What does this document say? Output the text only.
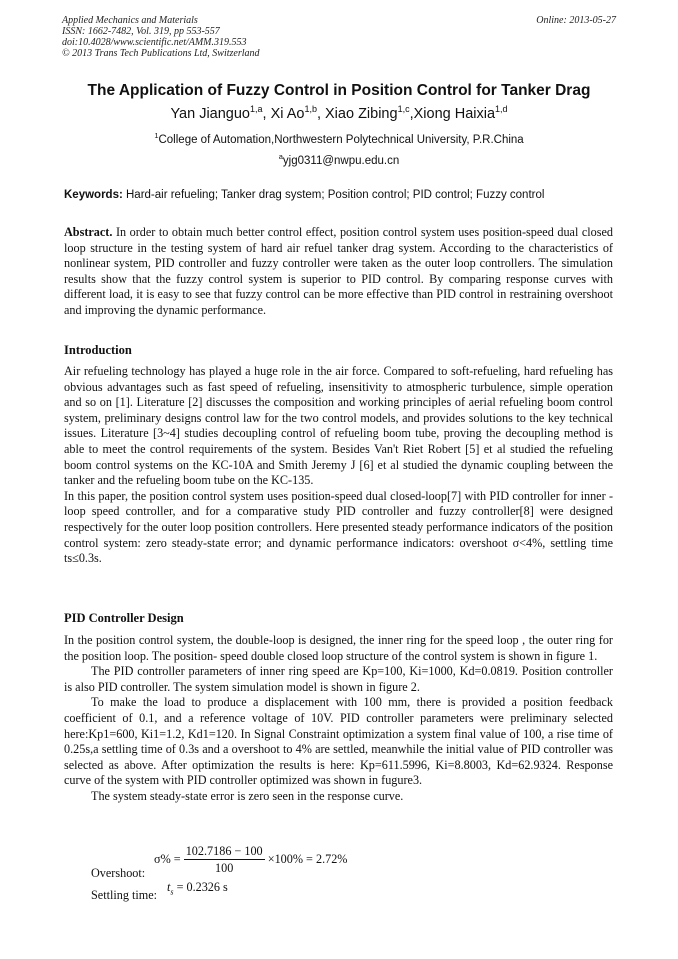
Applied Mechanics and Materials
ISSN: 1662-7482, Vol. 319, pp 553-557
doi:10.4028/www.scientific.net/AMM.319.553
© 2013 Trans Tech Publications Ltd, Switzerland
Online: 2013-05-27
The Application of Fuzzy Control in Position Control for Tanker Drag
Yan Jianguo$^{1,a}$, Xi Ao$^{1,b}$, Xiao Zibing$^{1,c}$,Xiong Haixia$^{1,d}$
$^1$College of Automation,Northwestern Polytechnical University, P.R.China
$^a$yjg0311@nwpu.edu.cn
Keywords: Hard-air refueling; Tanker drag system; Position control; PID control; Fuzzy control

Abstract. In order to obtain much better control effect, position control system uses position-speed dual closed loop structure in the testing system of hard air refuel tanker drag system. According to the characteristics of nonlinear system, PID controller and fuzzy controller were taken as the outer loop controllers. The simulation results show that the fuzzy control system is superior to PID control. By comparing response curves with different load, it is easy to see that fuzzy control can be more effective than PID control in restraining overshoot and improving the dynamic performance.

Introduction

Air refueling technology has played a huge role in the air force. Compared to soft-refueling, hard refueling has obvious advantages such as fast speed of refueling, insensitivity to atmospheric turbulence, simple operation and so on [1]. Literature [2] discusses the composition and working principles of aerial refueling boom control system, preliminary designs control law for the two control models, and provides solutions to the key technical issues. Literature [3~4] studies decoupling control of refueling boom tube, proving the decoupling method is able to meet the control requirements of the system. Besides Van't Riet Robert [5] et al studied the refueling boom control systems on the KC-10A and Smith Jeremy J [6] et al studied the dynamic coupling between the tanker and the refueling boom tube on the KC-135.

In this paper, the position control system uses position-speed dual closed-loop[7] with PID controller for inner - loop speed controller, and for a comparative study PID controller and fuzzy controller[8] were designed respectively for the outer loop position controllers. Here presented steady performance indicators of the position control system: zero steady-state error; and dynamic performance indicators: overshoot σ<4%, settling time ts≤0.3s.

PID Controller Design

In the position control system, the double-loop is designed, the inner ring for the speed loop , the outer ring for the position loop. The position- speed double closed loop structure of the control system is shown in figure 1.

The PID controller parameters of inner ring speed are Kp=100, Ki=1000, Kd=0.0819. Position controller is also PID controller. The system simulation model is shown in figure 2.

To make the load to produce a displacement with 100 mm, there is provided a position feedback coefficient of 0.1, and a reference voltage of 10V. PID controller parameters were preliminary selected here:Kp1=600, Ki1=1.2, Kd1=120. In Signal Constraint optimization a system final value of 100, a rise time of 0.25s,a settling time of 0.3s and a overshoot to 4% are settled, meanwhile the initial value of PID controller was selected as above. After optimization the results is here: Kp=611.5996, Ki=8.8003, Kd=62.9324. Response curve of the system with PID controller optimized was shown in fugure3.

The system steady-state error is zero seen in the response curve.

Overshoot:
$\sigma\% = \frac{102.7186 - 100}{100} \times 100\% = 2.72\%$
Settling time:
$t_s = 0.2326$ s
